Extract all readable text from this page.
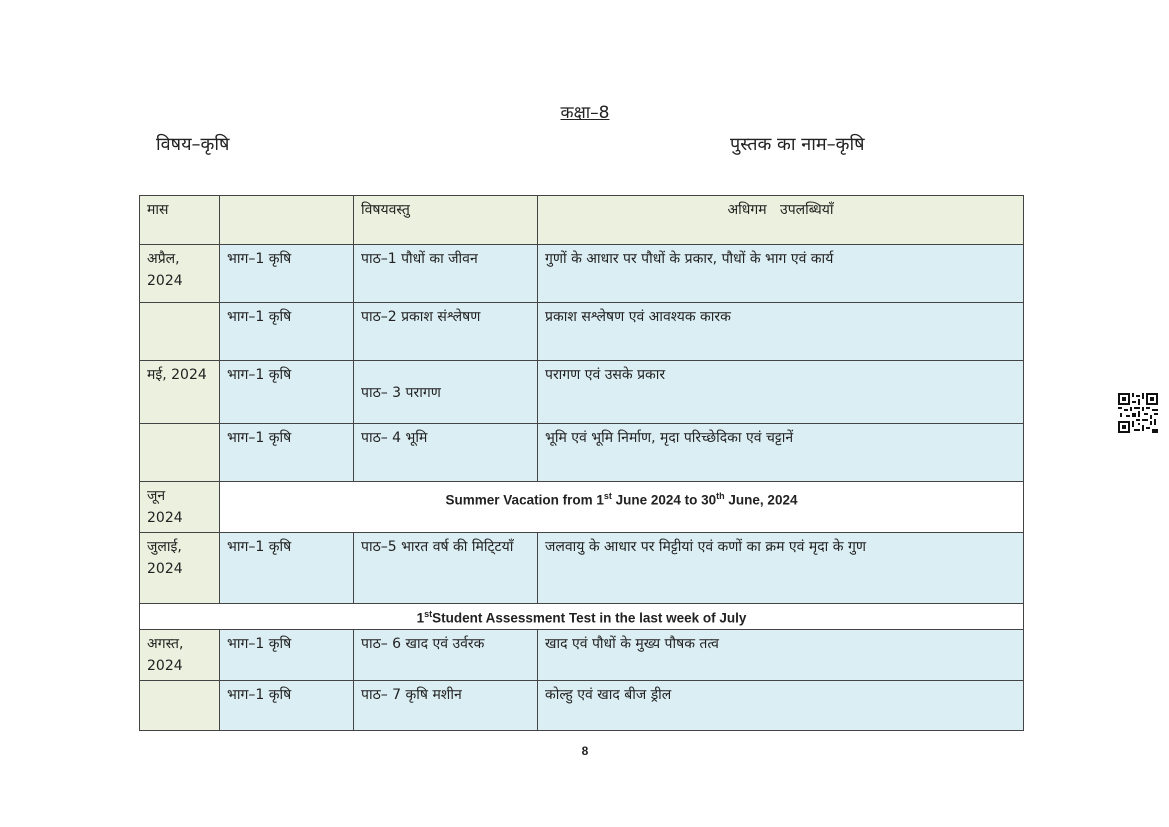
कक्षा–8
विषय–कृषि	पुस्तक का नाम–कृषि
मास		विषयवस्तु	अधिगम   उपलब्धियाँ
अप्रैल,
2024	भाग–1 कृषि	पाठ–1 पौधों का जीवन	गुणों के आधार पर पौधों के प्रकार, पौधों के भाग एवं कार्य
	भाग–1 कृषि	पाठ–2 प्रकाश संश्लेषण	प्रकाश सश्लेषण एवं आवश्यक कारक
मई, 2024	भाग–1 कृषि	पाठ– 3 परागण	परागण एवं उसके प्रकार
	भाग–1 कृषि	पाठ– 4 भूमि	भूमि एवं भूमि निर्माण, मृदा परिच्छेदिका एवं चट्टानें
जून
2024	Summer Vacation from 1st June 2024 to 30th June, 2024		

जुलाई,
2024	भाग–1 कृषि	पाठ–5 भारत वर्ष की मिटि्टयाँ	जलवायु के आधार पर मिट्टीयां एवं कणों का क्रम एवं मृदा के गुण

1stStudent Assessment Test in the last week of July			

अगस्त,
2024	भाग–1 कृषि	पाठ– 6 खाद एवं उर्वरक	खाद एवं पौधों के मुख्य पौषक तत्व
	भाग–1 कृषि	पाठ– 7 कृषि मशीन	कोल्हु एवं खाद बीज ड्रील
8
